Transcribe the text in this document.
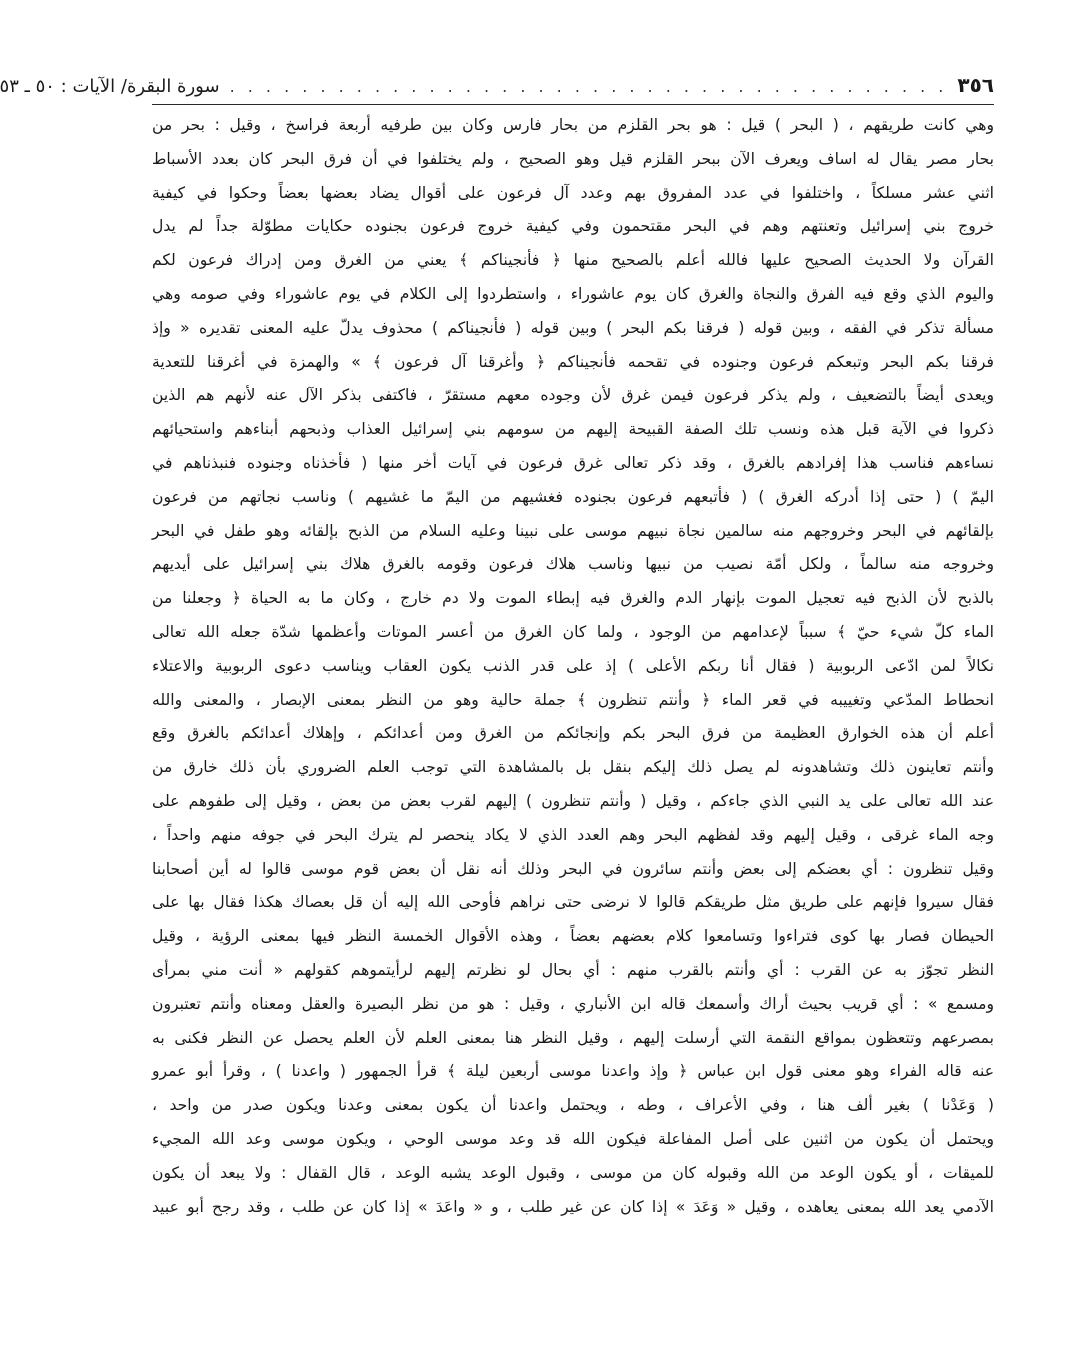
٣٥٦
. . . . . . . . . . . . . . . . . . . . . . . . . . . . . . . . . . . . . . . .
سورة البقرة/ الآيات : ٥٠ ـ ٥٣
وهي كانت طريقهم ، ( البحر ) قيل : هو بحر القلزم من بحار فارس وكان بين طرفيه أربعة فراسخ ، وقيل : بحر من
بحار مصر يقال له اساف ويعرف الآن ببحر القلزم قيل وهو الصحيح ، ولم يختلفوا في أن فرق البحر كان بعدد الأسباط
اثني عشر مسلكاً ، واختلفوا في عدد المفروق بهم وعدد آل فرعون على أقوال يضاد بعضها بعضاً وحكوا في كيفية
خروج بني إسرائيل وتعنتهم وهم في البحر مقتحمون وفي كيفية خروج فرعون بجنوده حكايات مطوّلة جداً لم يدل
القرآن ولا الحديث الصحيح عليها فالله أعلم بالصحيح منها ﴿ فأنجيناكم ﴾ يعني من الغرق ومن إدراك فرعون لكم
واليوم الذي وقع فيه الفرق والنجاة والغرق كان يوم عاشوراء ، واستطردوا إلى الكلام في يوم عاشوراء وفي صومه وهي
مسألة تذكر في الفقه ، وبين قوله ( فرقنا بكم البحر ) وبين قوله ( فأنجيناكم ) محذوف يدلّ عليه المعنى تقديره « وإذ
فرقنا بكم البحر وتبعكم فرعون وجنوده في تقحمه فأنجيناكم ﴿ وأغرقنا آل فرعون ﴾ » والهمزة في أغرقنا للتعدية
ويعدى أيضاً بالتضعيف ، ولم يذكر فرعون فيمن غرق لأن وجوده معهم مستقرّ ، فاكتفى بذكر الآل عنه لأنهم هم الذين
ذكروا في الآية قبل هذه ونسب تلك الصفة القبيحة إليهم من سومهم بني إسرائيل العذاب وذبحهم أبناءهم واستحيائهم
نساءهم فناسب هذا إفرادهم بالغرق ، وقد ذكر تعالى غرق فرعون في آيات أخر منها ( فأخذناه وجنوده فنبذناهم في
اليمّ ) ( حتى إذا أدركه الغرق ) ( فأتبعهم فرعون بجنوده فغشيهم من اليمّ ما غشيهم ) وناسب نجاتهم من فرعون
بإلقائهم في البحر وخروجهم منه سالمين نجاة نبيهم موسى على نبينا وعليه السلام من الذبح بإلقائه وهو طفل في البحر
وخروجه منه سالماً ، ولكل أمّة نصيب من نبيها وناسب هلاك فرعون وقومه بالغرق هلاك بني إسرائيل على أيديهم
بالذبح لأن الذبح فيه تعجيل الموت بإنهار الدم والغرق فيه إبطاء الموت ولا دم خارج ، وكان ما به الحياة ﴿ وجعلنا من
الماء كلّ شيء حيّ ﴾ سبباً لإعدامهم من الوجود ، ولما كان الغرق من أعسر الموتات وأعظمها شدّة جعله الله تعالى
نكالاً لمن ادّعى الربوبية ( فقال أنا ربكم الأعلى ) إذ على قدر الذنب يكون العقاب ويناسب دعوى الربوبية والاعتلاء
انحطاط المدّعي وتغييبه في قعر الماء ﴿ وأنتم تنظرون ﴾ جملة حالية وهو من النظر بمعنى الإبصار ، والمعنى والله
أعلم أن هذه الخوارق العظيمة من فرق البحر بكم وإنجائكم من الغرق ومن أعدائكم ، وإهلاك أعدائكم بالغرق وقع
وأنتم تعاينون ذلك وتشاهدونه لم يصل ذلك إليكم بنقل بل بالمشاهدة التي توجب العلم الضروري بأن ذلك خارق من
عند الله تعالى على يد النبي الذي جاءكم ، وقيل ( وأنتم تنظرون ) إليهم لقرب بعض من بعض ، وقيل إلى طفوهم على
وجه الماء غرقى ، وقيل إليهم وقد لفظهم البحر وهم العدد الذي لا يكاد ينحصر لم يترك البحر في جوفه منهم واحداً ،
وقيل تنظرون : أي بعضكم إلى بعض وأنتم سائرون في البحر وذلك أنه نقل أن بعض قوم موسى قالوا له أين أصحابنا
فقال سيروا فإنهم على طريق مثل طريقكم قالوا لا نرضى حتى نراهم فأوحى الله إليه أن قل بعصاك هكذا فقال بها على
الحيطان فصار بها كوى فتراءوا وتسامعوا كلام بعضهم بعضاً ، وهذه الأقوال الخمسة النظر فيها بمعنى الرؤية ، وقيل
النظر تجوّز به عن القرب : أي وأنتم بالقرب منهم : أي بحال لو نظرتم إليهم لرأيتموهم كقولهم « أنت مني بمرأى
ومسمع » : أي قريب بحيث أراك وأسمعك قاله ابن الأنباري ، وقيل : هو من نظر البصيرة والعقل ومعناه وأنتم تعتبرون
بمصرعهم وتتعظون بمواقع النقمة التي أرسلت إليهم ، وقيل النظر هنا بمعنى العلم لأن العلم يحصل عن النظر فكنى به
عنه قاله الفراء وهو معنى قول ابن عباس ﴿ وإذ واعدنا موسى أربعين ليلة ﴾ قرأ الجمهور ( واعدنا ) ، وقرأ أبو عمرو
( وَعَدْنا ) بغير ألف هنا ، وفي الأعراف ، وطه ، ويحتمل واعدنا أن يكون بمعنى وعدنا ويكون صدر من واحد ،
ويحتمل أن يكون من اثنين على أصل المفاعلة فيكون الله قد وعد موسى الوحي ، ويكون موسى وعد الله المجيء
للميقات ، أو يكون الوعد من الله وقبوله كان من موسى ، وقبول الوعد يشبه الوعد ، قال القفال : ولا يبعد أن يكون
الآدمي يعد الله بمعنى يعاهده ، وقيل « وَعَدَ » إذا كان عن غير طلب ، و « واعَدَ » إذا كان عن طلب ، وقد رجح أبو عبيد
